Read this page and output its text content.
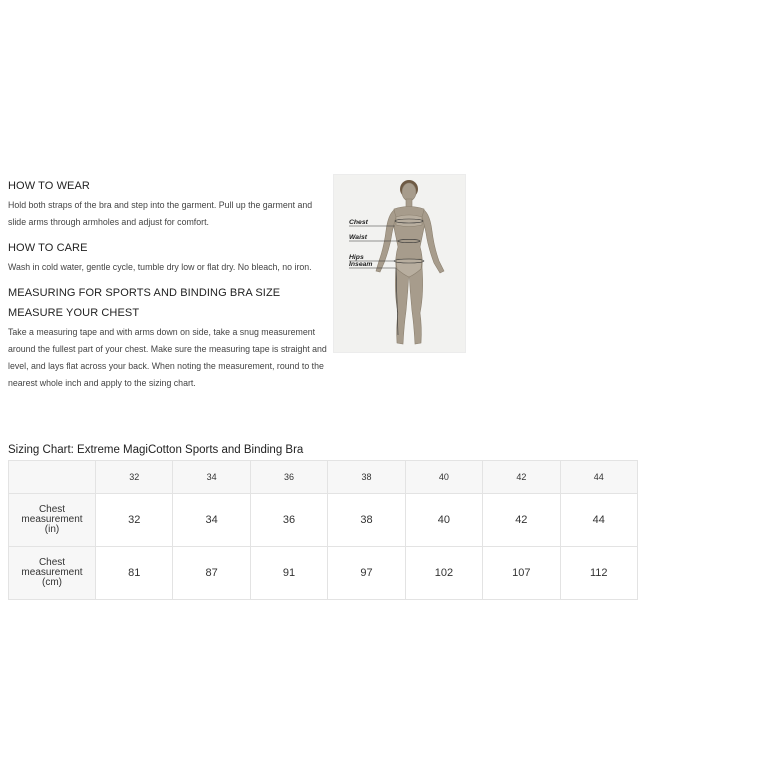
HOW TO WEAR

Hold both straps of the bra and step into the garment. Pull up the garment and slide arms through armholes and adjust for comfort.

HOW TO CARE

Wash in cold water, gentle cycle, tumble dry low or flat dry. No bleach, no iron.

MEASURING FOR SPORTS AND BINDING BRA SIZE
MEASURE YOUR CHEST

Take a measuring tape and with arms down on side, take a snug measurement around the fullest part of your chest. Make sure the measuring tape is straight and level, and lays flat across your back. When noting the measurement, round to the nearest whole inch and apply to the sizing chart.

Chest
Waist
Hips
Inseam
Sizing Chart: Extreme MagiCotton Sports and Binding Bra
	32	34	36	38	40	42	44
Chest measurement (in)	32	34	36	38	40	42	44
Chest measurement (cm)	81	87	91	97	102	107	112
